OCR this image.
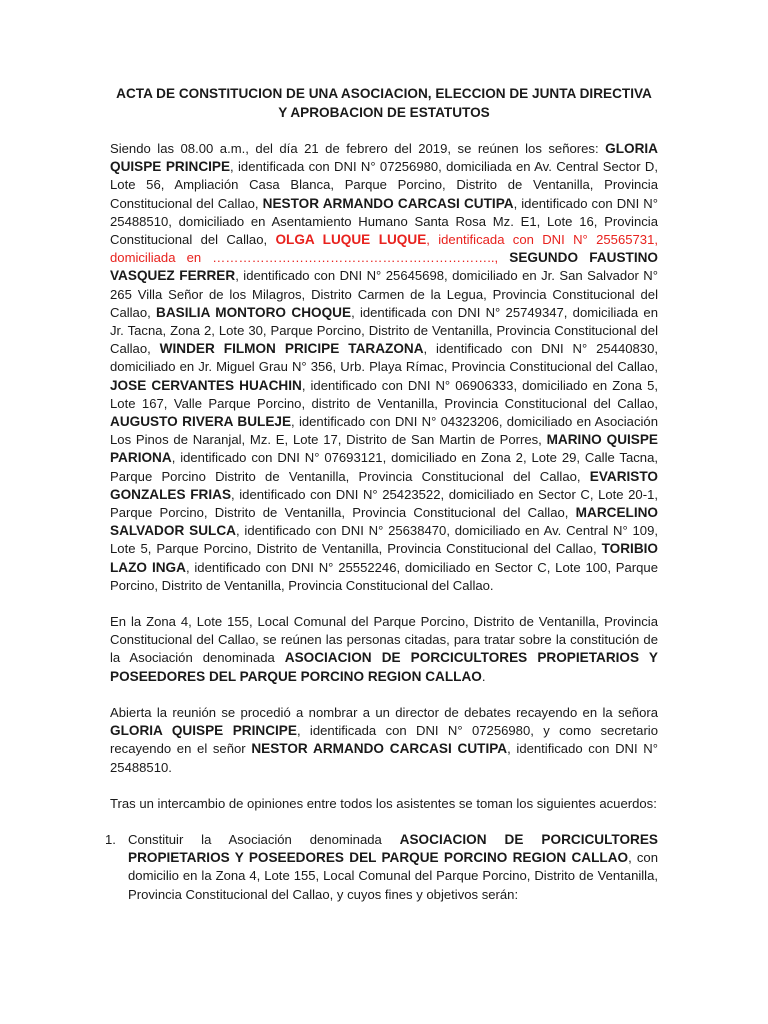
ACTA DE CONSTITUCION DE UNA ASOCIACION, ELECCION DE JUNTA DIRECTIVA Y APROBACION DE ESTATUTOS

Siendo las 08.00 a.m., del día 21 de febrero del 2019, se reúnen los señores: GLORIA QUISPE PRINCIPE, identificada con DNI N° 07256980, domiciliada en Av. Central Sector D, Lote 56, Ampliación Casa Blanca, Parque Porcino, Distrito de Ventanilla, Provincia Constitucional del Callao, NESTOR ARMANDO CARCASI CUTIPA, identificado con DNI N° 25488510, domiciliado en Asentamiento Humano Santa Rosa Mz. E1, Lote 16, Provincia Constitucional del Callao, OLGA LUQUE LUQUE, identificada con DNI N° 25565731, domiciliada en ……………………………………………………….., SEGUNDO FAUSTINO VASQUEZ FERRER, identificado con DNI N° 25645698, domiciliado en Jr. San Salvador N° 265 Villa Señor de los Milagros, Distrito Carmen de la Legua, Provincia Constitucional del Callao, BASILIA MONTORO CHOQUE, identificada con DNI N° 25749347, domiciliada en Jr. Tacna, Zona 2, Lote 30, Parque Porcino, Distrito de Ventanilla, Provincia Constitucional del Callao, WINDER FILMON PRICIPE TARAZONA, identificado con DNI N° 25440830, domiciliado en Jr. Miguel Grau N° 356, Urb. Playa Rímac, Provincia Constitucional del Callao, JOSE CERVANTES HUACHIN, identificado con DNI N° 06906333, domiciliado en Zona 5, Lote 167, Valle Parque Porcino, distrito de Ventanilla, Provincia Constitucional del Callao, AUGUSTO RIVERA BULEJE, identificado con DNI N° 04323206, domiciliado en Asociación Los Pinos de Naranjal, Mz. E, Lote 17, Distrito de San Martin de Porres, MARINO QUISPE PARIONA, identificado con DNI N° 07693121, domiciliado en Zona 2, Lote 29, Calle Tacna, Parque Porcino Distrito de Ventanilla, Provincia Constitucional del Callao, EVARISTO GONZALES FRIAS, identificado con DNI N° 25423522, domiciliado en Sector C, Lote 20-1, Parque Porcino, Distrito de Ventanilla, Provincia Constitucional del Callao, MARCELINO SALVADOR SULCA, identificado con DNI N° 25638470, domiciliado en Av. Central N° 109, Lote 5, Parque Porcino, Distrito de Ventanilla, Provincia Constitucional del Callao, TORIBIO LAZO INGA, identificado con DNI N° 25552246, domiciliado en Sector C, Lote 100, Parque Porcino, Distrito de Ventanilla, Provincia Constitucional del Callao.

En la Zona 4, Lote 155, Local Comunal del Parque Porcino, Distrito de Ventanilla, Provincia Constitucional del Callao, se reúnen las personas citadas, para tratar sobre la constitución de la Asociación denominada ASOCIACION DE PORCICULTORES PROPIETARIOS Y POSEEDORES DEL PARQUE PORCINO REGION CALLAO.

Abierta la reunión se procedió a nombrar a un director de debates recayendo en la señora GLORIA QUISPE PRINCIPE, identificada con DNI N° 07256980, y como secretario recayendo en el señor NESTOR ARMANDO CARCASI CUTIPA, identificado con DNI N° 25488510.

Tras un intercambio de opiniones entre todos los asistentes se toman los siguientes acuerdos:

1. Constituir la Asociación denominada ASOCIACION DE PORCICULTORES PROPIETARIOS Y POSEEDORES DEL PARQUE PORCINO REGION CALLAO, con domicilio en la Zona 4, Lote 155, Local Comunal del Parque Porcino, Distrito de Ventanilla, Provincia Constitucional del Callao, y cuyos fines y objetivos serán:
